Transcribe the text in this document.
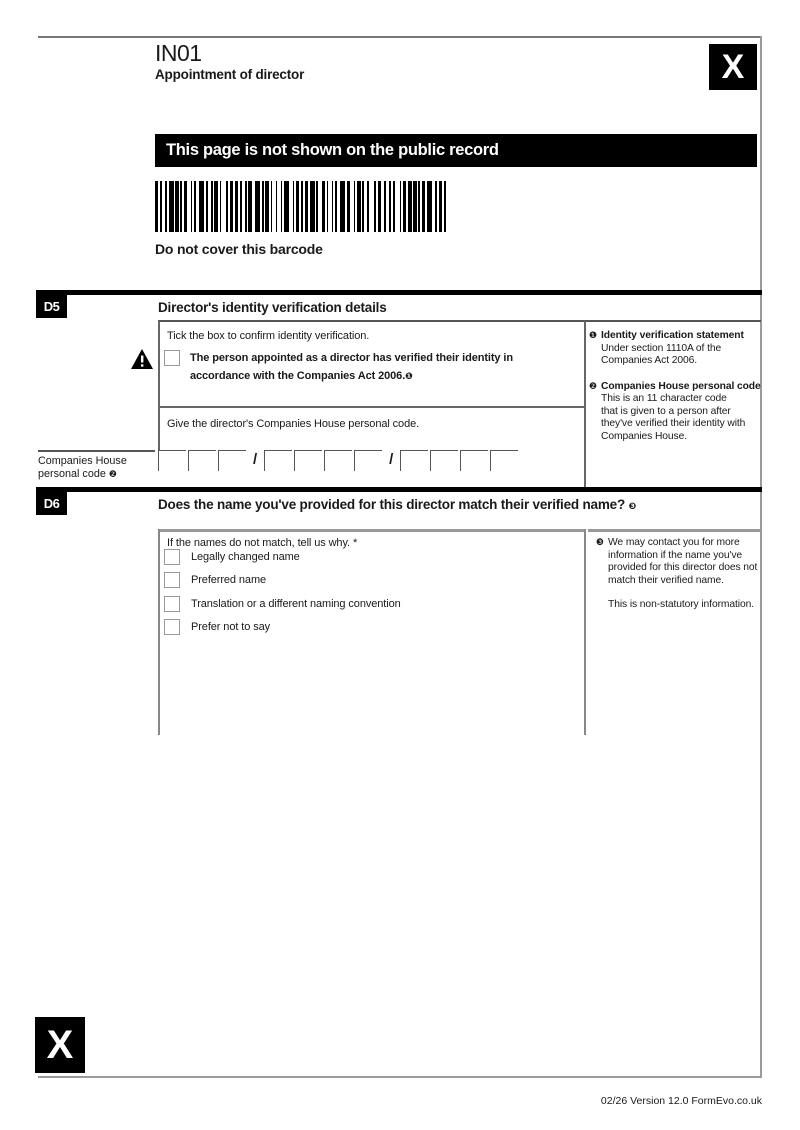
IN01
Appointment of director	X
This page is not shown on the public record
Do not cover this barcode
D5	Director's identity verification details
Tick the box to confirm identity verification.
The person appointed as a director has verified their identity in
accordance with the Companies Act 2006.❶
Give the director's Companies House personal code.
❶ Identity verification statement
Under section 1110A of the
Companies Act 2006.
❷ Companies House personal code
This is an 11 character code
that is given to a person after
they've verified their identity with
Companies House.
Companies House
personal code ❷
/	/
D6	Does the name you've provided for this director match their verified name? ❸
If the names do not match, tell us why. *
Legally changed name
Preferred name
Translation or a different naming convention
Prefer not to say
❸ We may contact you for more
information if the name you've
provided for this director does not
match their verified name.
This is non-statutory information.
X
02/26 Version 12.0 FormEvo.co.uk
